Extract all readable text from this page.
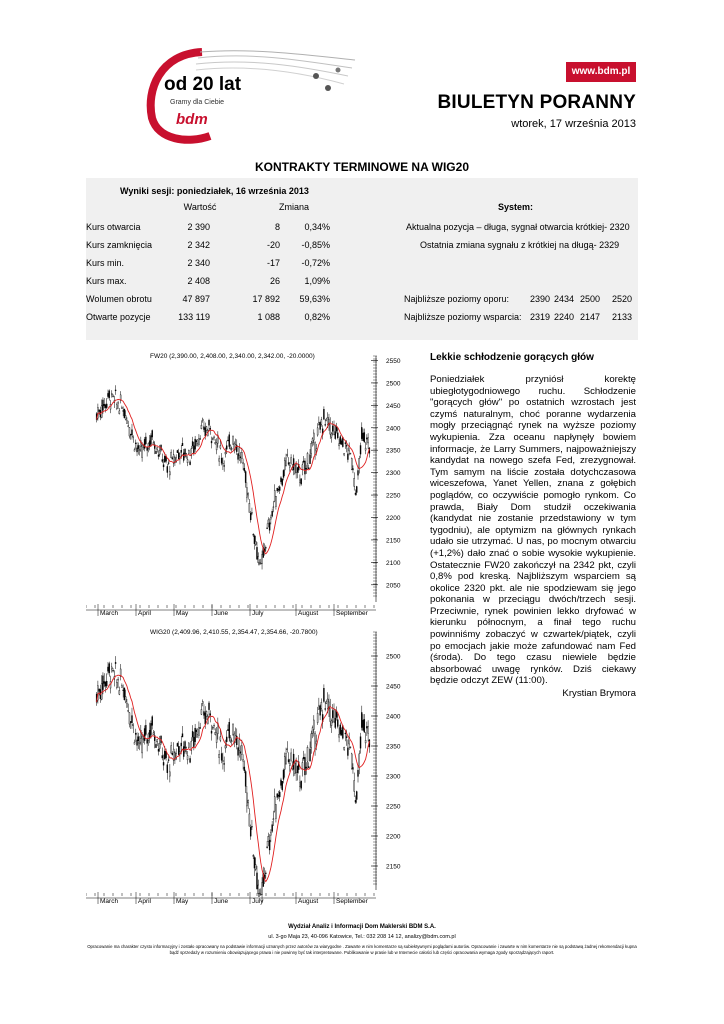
od 20 lat
Gramy dla Ciebie
bdm
www.bdm.pl
BIULETYN PORANNY
wtorek, 17 września 2013
KONTRAKTY TERMINOWE NA WIG20
Wyniki sesji: poniedziałek, 16 września 2013
Wartość	Zmiana	System:
Kurs otwarcia	2 390	8	0,34%
Kurs zamknięcia	2 342	-20	-0,85%
Kurs min.	2 340	-17	-0,72%
Kurs max.	2 408	26	1,09%
Wolumen obrotu	47 897	17 892	59,63%
Otwarte pozycje	133 119	1 088	0,82%
Aktualna pozycja – długa, sygnał otwarcia krótkiej- 2320
Ostatnia zmiana sygnału z krótkiej na długą- 2329
Najbliższe poziomy oporu:	2390 2434 2500	2520
Najbliższe poziomy wsparcia: 2319 2240 2147	2133
FW20 (2,390.00, 2,408.00, 2,340.00, 2,342.00, -20.0000)
2550
2500
2450
2400
2350
2300
2250
2200
2150
2100
2050
March	April	May	June	July	August	September
WIG20 (2,409.96, 2,410.55, 2,354.47, 2,354.66, -20.7800)
2500
2450
2400
2350
2300
2250
2200
2150
March	April	May	June	July	August	September
Lekkie schłodzenie gorących głów

Poniedziałek przyniósł korektę ubiegłotygodniowego ruchu. Schłodzenie "gorących głów" po ostatnich wzrostach jest czymś naturalnym, choć poranne wydarzenia mogły przeciągnąć rynek na wyższe poziomy wykupienia. Zza oceanu napłynęły bowiem informacje, że Larry Summers, najpoważniejszy kandydat na nowego szefa Fed, zrezygnował. Tym samym na liście została dotychczasowa wiceszefowa, Yanet Yellen, znana z gołębich poglądów, co oczywiście pomogło rynkom. Co prawda, Biały Dom studził oczekiwania (kandydat nie zostanie przedstawiony w tym tygodniu), ale optymizm na głównych rynkach udało sie utrzymać. U nas, po mocnym otwarciu (+1,2%) dało znać o sobie wysokie wykupienie. Ostatecznie FW20 zakończył na 2342 pkt, czyli 0,8% pod kreską. Najbliższym wsparciem są okolice 2320 pkt. ale nie spodziewam się jego pokonania w przeciągu dwóch/trzech sesji. Przeciwnie, rynek powinien lekko dryfować w kierunku północnym, a finał tego ruchu powinniśmy zobaczyć w czwartek/piątek, czyli po emocjach jakie może zafundować nam Fed (środa). Do tego czasu niewiele będzie absorbować uwagę rynków. Dziś ciekawy będzie odczyt ZEW (11:00).

Krystian Brymora
Wydział Analiz i Informacji Dom Maklerski BDM S.A.
ul. 3-go Maja 23, 40-096 Katowice, Tel.: 032 208 14 12, analizy@bdm.com.pl

Opracowanie ma charakter czysto informacyjny i zostało opracowany na podstawie informacji uznanych przez autorów za wiarygodne . Zawarte w nim komentarze są subiektywnymi poglądami autorów. Opracowanie i zawarte w nim komentarze nie są podstawą żadnej rekomendacji kupna bądź sprzedaży w rozumieniu obowiązującego prawa i nie powinny być tak interpretowane. Publikowanie w prasie lub w Internecie całości lub części opracowania wymaga zgody sporządzających raport.
